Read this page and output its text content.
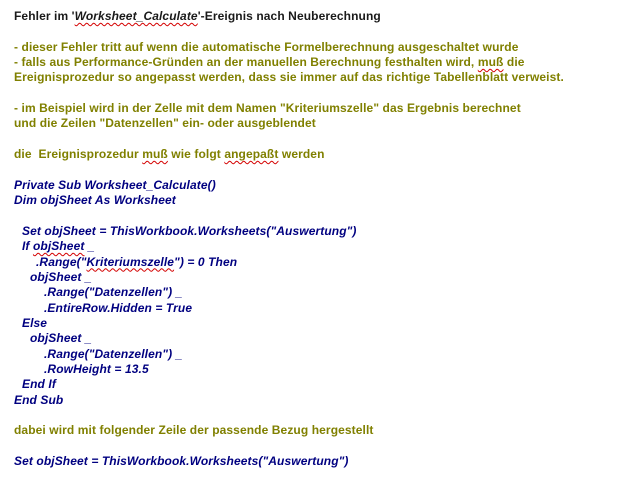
Fehler im 'Worksheet_Calculate'-Ereignis nach Neuberechnung
- dieser Fehler tritt auf wenn die automatische Formelberechnung ausgeschaltet wurde
- falls aus Performance-Gründen an der manuellen Berechnung festhalten wird, muß die
Ereignisprozedur so angepasst werden, dass sie immer auf das richtige Tabellenblatt verweist.
- im Beispiel wird in der Zelle mit dem Namen "Kriteriumszelle" das Ergebnis berechnet
und die Zeilen "Datenzellen" ein- oder ausgeblendet
die  Ereignisprozedur muß wie folgt angepaßt werden
Private Sub Worksheet_Calculate()
Dim objSheet As Worksheet
Set objSheet = ThisWorkbook.Worksheets("Auswertung")
If objSheet _
.Range("Kriteriumszelle") = 0 Then
objSheet _
.Range("Datenzellen") _
.EntireRow.Hidden = True
Else
objSheet _
.Range("Datenzellen") _
.RowHeight = 13.5
End If
End Sub
dabei wird mit folgender Zeile der passende Bezug hergestellt
Set objSheet = ThisWorkbook.Worksheets("Auswertung")
